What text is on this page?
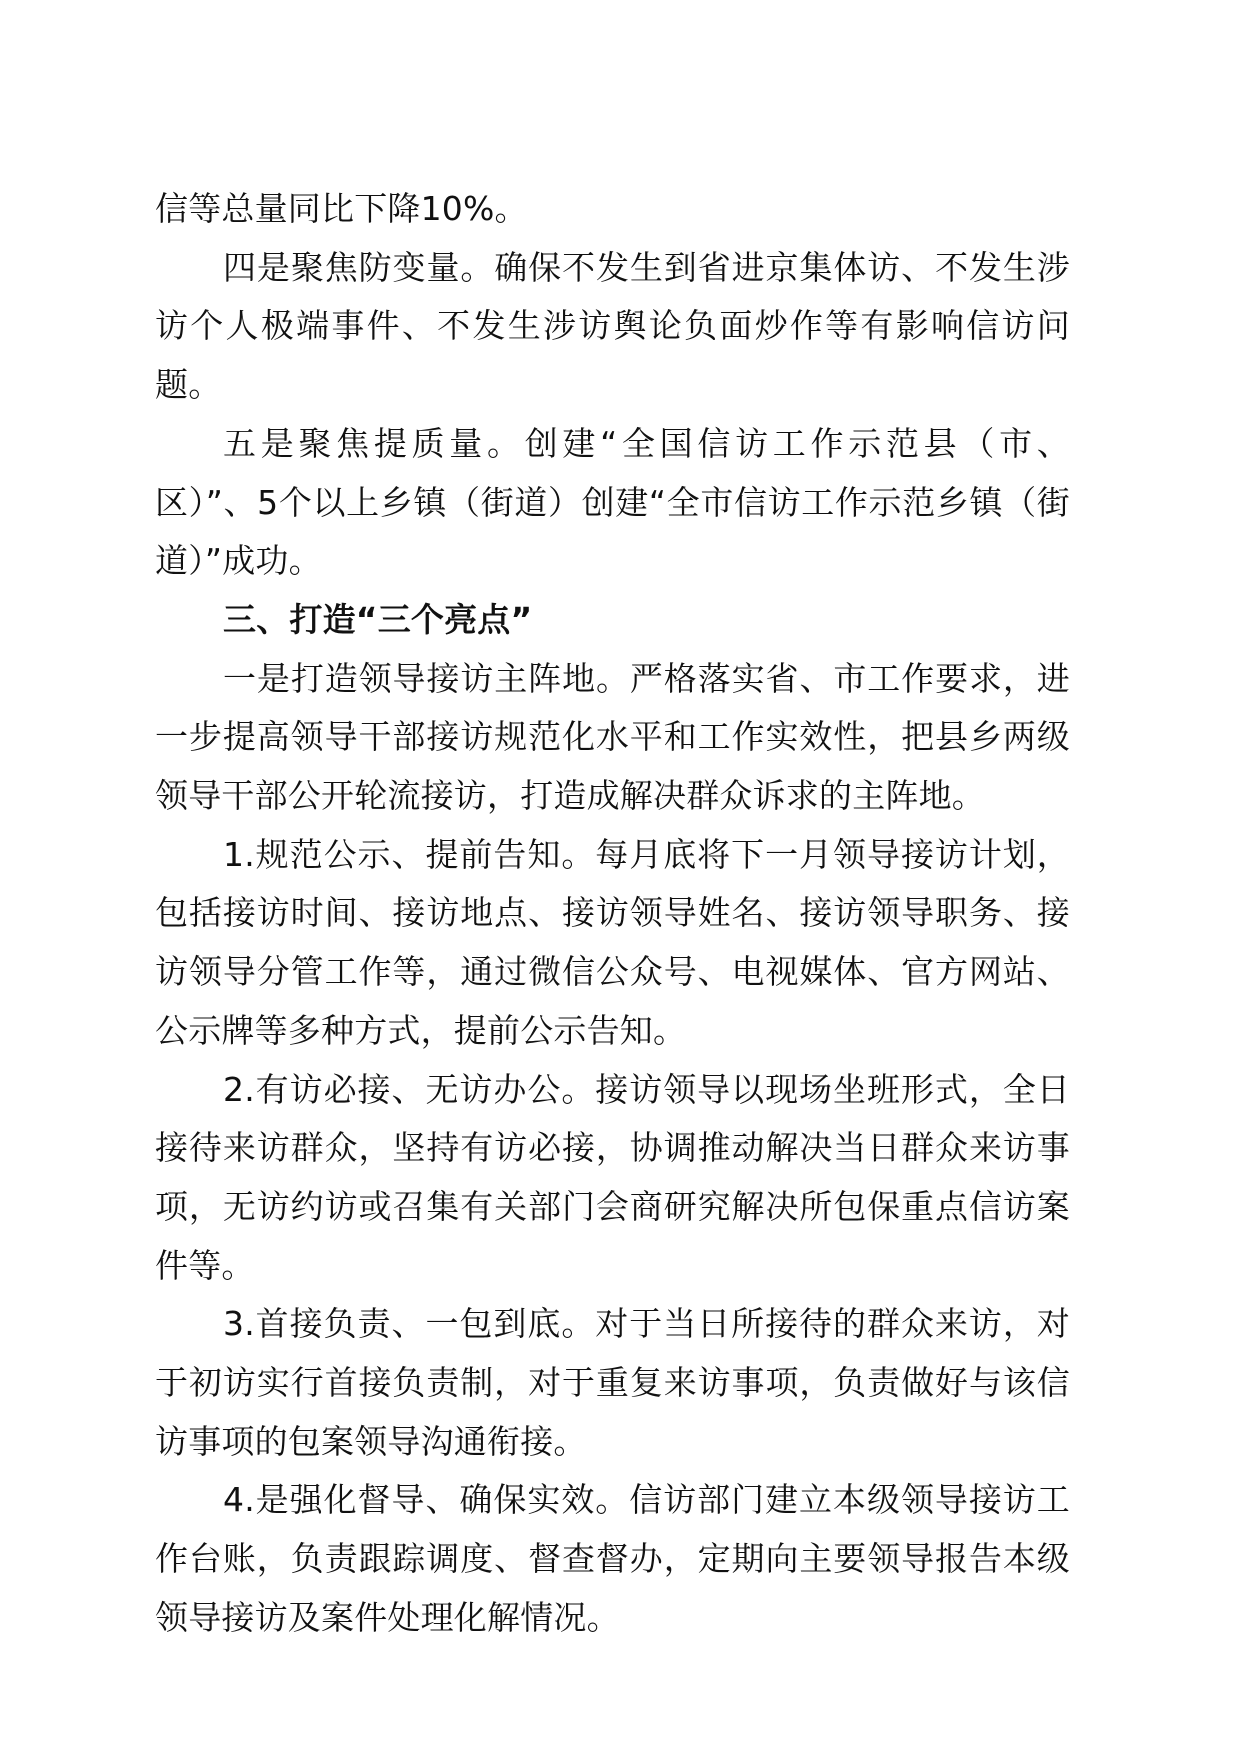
信等总量同比下降10%。

四是聚焦防变量。确保不发生到省进京集体访、不发生涉访个人极端事件、不发生涉访舆论负面炒作等有影响信访问题。

五是聚焦提质量。创建“全国信访工作示范县（市、区）”、5个以上乡镇（街道）创建“全市信访工作示范乡镇（街道）”成功。

三、打造“三个亮点”

一是打造领导接访主阵地。严格落实省、市工作要求，进一步提高领导干部接访规范化水平和工作实效性，把县乡两级领导干部公开轮流接访，打造成解决群众诉求的主阵地。

1.规范公示、提前告知。每月底将下一月领导接访计划，包括接访时间、接访地点、接访领导姓名、接访领导职务、接访领导分管工作等，通过微信公众号、电视媒体、官方网站、公示牌等多种方式，提前公示告知。

2.有访必接、无访办公。接访领导以现场坐班形式，全日接待来访群众，坚持有访必接，协调推动解决当日群众来访事项，无访约访或召集有关部门会商研究解决所包保重点信访案件等。

3.首接负责、一包到底。对于当日所接待的群众来访，对于初访实行首接负责制，对于重复来访事项，负责做好与该信访事项的包案领导沟通衔接。

4.是强化督导、确保实效。信访部门建立本级领导接访工作台账，负责跟踪调度、督查督办，定期向主要领导报告本级领导接访及案件处理化解情况。
